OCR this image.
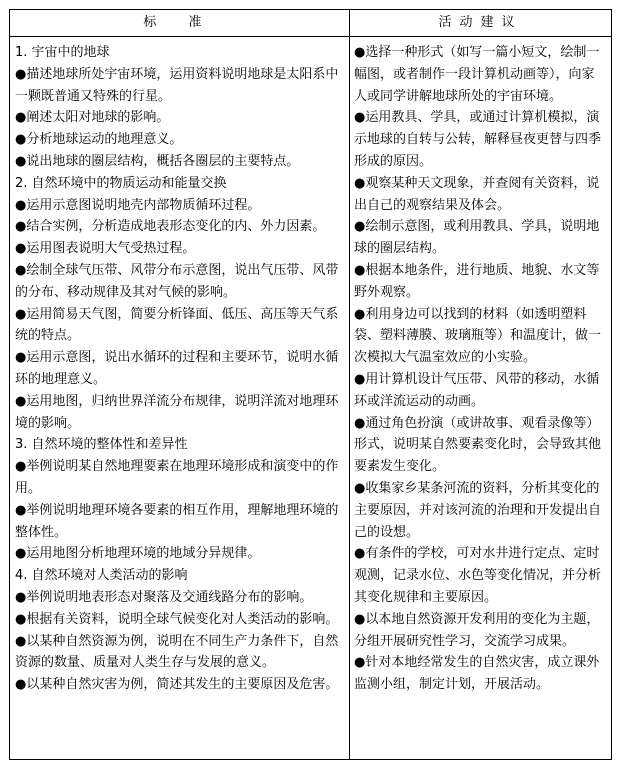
标 准	活动建议

1. 宇宙中的地球

●描述地球所处宇宙环境，运用资料说明地球是太阳系中一颗既普通又特殊的行星。

●阐述太阳对地球的影响。

●分析地球运动的地理意义。

●说出地球的圈层结构，概括各圈层的主要特点。

2. 自然环境中的物质运动和能量交换

●运用示意图说明地壳内部物质循环过程。

●结合实例，分析造成地表形态变化的内、外力因素。

●运用图表说明大气受热过程。

●绘制全球气压带、风带分布示意图，说出气压带、风带的分布、移动规律及其对气候的影响。

●运用简易天气图，简要分析锋面、低压、高压等天气系统的特点。

●运用示意图，说出水循环的过程和主要环节，说明水循环的地理意义。

●运用地图，归纳世界洋流分布规律，说明洋流对地理环境的影响。

3. 自然环境的整体性和差异性

●举例说明某自然地理要素在地理环境形成和演变中的作用。

●举例说明地理环境各要素的相互作用，理解地理环境的整体性。

●运用地图分析地理环境的地域分异规律。

4. 自然环境对人类活动的影响

●举例说明地表形态对聚落及交通线路分布的影响。

●根据有关资料，说明全球气候变化对人类活动的影响。

●以某种自然资源为例，说明在不同生产力条件下，自然资源的数量、质量对人类生存与发展的意义。

●以某种自然灾害为例，简述其发生的主要原因及危害。

●选择一种形式（如写一篇小短文，绘制一幅图，或者制作一段计算机动画等），向家人或同学讲解地球所处的宇宙环境。

●运用教具、学具，或通过计算机模拟，演示地球的自转与公转，解释昼夜更替与四季形成的原因。

●观察某种天文现象，并查阅有关资料，说出自己的观察结果及体会。

●绘制示意图，或利用教具、学具，说明地球的圈层结构。

●根据本地条件，进行地质、地貌、水文等野外观察。

●利用身边可以找到的材料（如透明塑料袋、塑料薄膜、玻璃瓶等）和温度计，做一次模拟大气温室效应的小实验。

●用计算机设计气压带、风带的移动，水循环或洋流运动的动画。

●通过角色扮演（或讲故事、观看录像等）形式，说明某自然要素变化时，会导致其他要素发生变化。

●收集家乡某条河流的资料，分析其变化的主要原因，并对该河流的治理和开发提出自己的设想。

●有条件的学校，可对水井进行定点、定时观测，记录水位、水色等变化情况，并分析其变化规律和主要原因。

●以本地自然资源开发利用的变化为主题，分组开展研究性学习，交流学习成果。

●针对本地经常发生的自然灾害，成立课外监测小组，制定计划，开展活动。
